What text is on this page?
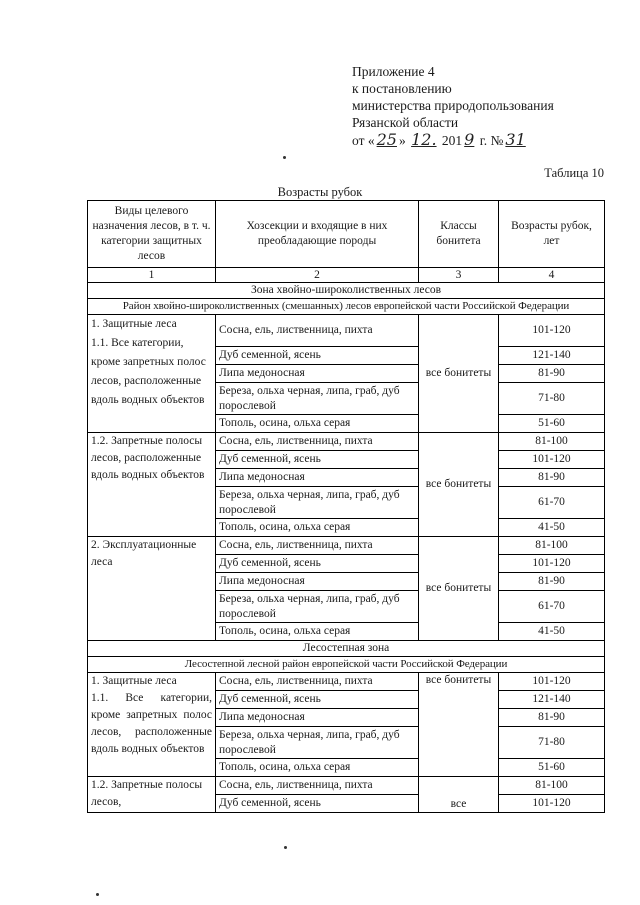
Приложение 4
к постановлению
министерства природопользования
Рязанской области
от « 25 » 12. 201 9 г. № 31
Таблица 10
Возрасты рубок
Виды целевого назначения лесов, в т. ч. категории защитных лесов	Хозсекции и входящие в них преобладающие породы	Классы бонитета	Возрасты рубок, лет
1	2	3	4
Зона хвойно-широколиственных лесов			
Район хвойно-широколиственных (смешанных) лесов европейской части Российской Федерации			
1. Защитные леса
1.1. Все категории, кроме запретных полос лесов, расположенные вдоль водных объектов	Сосна, ель, лиственница, пихта	все бонитеты	101-120
	Дуб семенной, ясень		121-140
	Липа медоносная		81-90
	Береза, ольха черная, липа, граб, дуб порослевой		71-80
	Тополь, осина, ольха серая		51-60
1.2. Запретные полосы лесов, расположенные вдоль водных объектов	Сосна, ель, лиственница, пихта	все бонитеты	81-100
	Дуб семенной, ясень		101-120
	Липа медоносная		81-90
	Береза, ольха черная, липа, граб, дуб порослевой		61-70
	Тополь, осина, ольха серая		41-50
2. Эксплуатационные леса	Сосна, ель, лиственница, пихта	все бонитеты	81-100
	Дуб семенной, ясень		101-120
	Липа медоносная		81-90
	Береза, ольха черная, липа, граб, дуб порослевой		61-70
	Тополь, осина, ольха серая		41-50
Лесостепная зона			
Лесостепной лесной район европейской части Российской Федерации			
1. Защитные леса
1.1. Все категории, кроме запретных полос лесов, расположенные вдоль водных объектов	Сосна, ель, лиственница, пихта	все бонитеты	101-120
	Дуб семенной, ясень		121-140
	Липа медоносная		81-90
	Береза, ольха черная, липа, граб, дуб порослевой		71-80
	Тополь, осина, ольха серая		51-60
1.2. Запретные полосы лесов,	Сосна, ель, лиственница, пихта	все	81-100
	Дуб семенной, ясень		101-120
